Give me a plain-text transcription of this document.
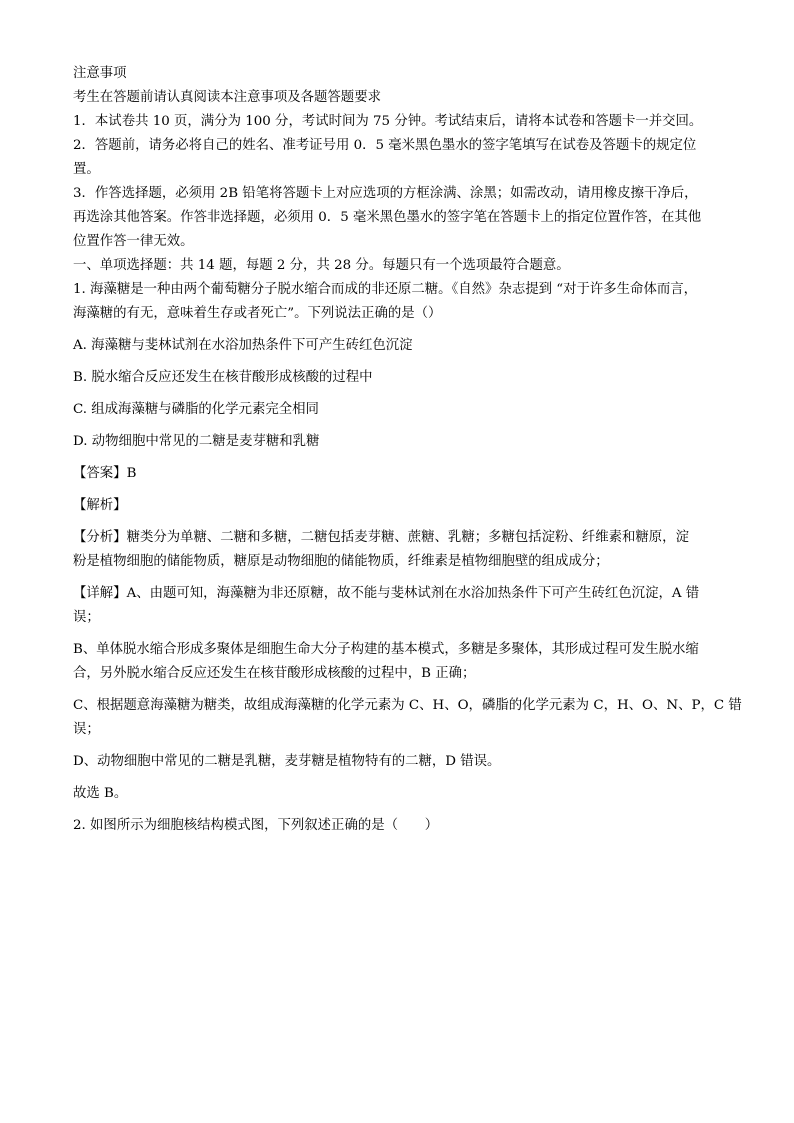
注意事项
考生在答题前请认真阅读本注意事项及各题答题要求
1．本试卷共 10 页，满分为 100 分，考试时间为 75 分钟。考试结束后，请将本试卷和答题卡一并交回。
2．答题前，请务必将自己的姓名、准考证号用 0．5 毫米黑色墨水的签字笔填写在试卷及答题卡的规定位
置。
3．作答选择题，必须用 2B 铅笔将答题卡上对应选项的方框涂满、涂黑；如需改动，请用橡皮擦干净后，
再选涂其他答案。作答非选择题，必须用 0．5 毫米黑色墨水的签字笔在答题卡上的指定位置作答，在其他
位置作答一律无效。
一、单项选择题：共 14 题，每题 2 分，共 28 分。每题只有一个选项最符合题意。
1. 海藻糖是一种由两个葡萄糖分子脱水缩合而成的非还原二糖。《自然》杂志提到 “对于许多生命体而言，
海藻糖的有无，意味着生存或者死亡”。下列说法正确的是（）
A. 海藻糖与斐林试剂在水浴加热条件下可产生砖红色沉淀
B. 脱水缩合反应还发生在核苷酸形成核酸的过程中
C. 组成海藻糖与磷脂的化学元素完全相同
D. 动物细胞中常见的二糖是麦芽糖和乳糖
【答案】B
【解析】
【分析】糖类分为单糖、二糖和多糖，二糖包括麦芽糖、蔗糖、乳糖；多糖包括淀粉、纤维素和糖原，淀
粉是植物细胞的储能物质，糖原是动物细胞的储能物质，纤维素是植物细胞壁的组成成分；
【详解】A、由题可知，海藻糖为非还原糖，故不能与斐林试剂在水浴加热条件下可产生砖红色沉淀，A 错
误；
B、单体脱水缩合形成多聚体是细胞生命大分子构建的基本模式，多糖是多聚体，其形成过程可发生脱水缩
合，另外脱水缩合反应还发生在核苷酸形成核酸的过程中，B 正确；
C、根据题意海藻糖为糖类，故组成海藻糖的化学元素为 C、H、O，磷脂的化学元素为 C，H、O、N、P，C 错
误；
D、动物细胞中常见的二糖是乳糖，麦芽糖是植物特有的二糖，D 错误。
故选 B。
2. 如图所示为细胞核结构模式图，下列叙述正确的是（　　）
